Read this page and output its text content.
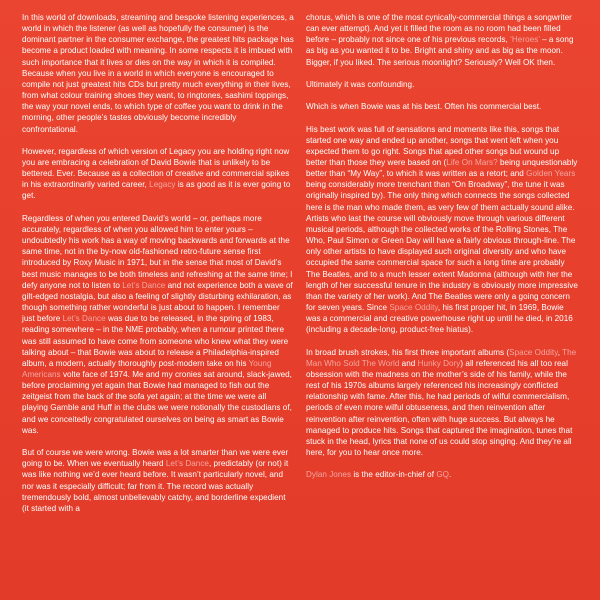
In this world of downloads, streaming and bespoke listening experiences, a world in which the listener (as well as hopefully the consumer) is the dominant partner in the consumer exchange, the greatest hits package has become a product loaded with meaning. In some respects it is imbued with such importance that it lives or dies on the way in which it is compiled. Because when you live in a world in which everyone is encouraged to compile not just greatest hits CDs but pretty much everything in their lives, from what colour training shoes they want, to ringtones, sashimi toppings, the way your novel ends, to which type of coffee you want to drink in the morning, other people’s tastes obviously become incredibly confrontational.

However, regardless of which version of Legacy you are holding right now you are embracing a celebration of David Bowie that is unlikely to be bettered. Ever. Because as a collection of creative and commercial spikes in his extraordinarily varied career, Legacy is as good as it is ever going to get.

Regardless of when you entered David’s world – or, perhaps more accurately, regardless of when you allowed him to enter yours – undoubtedly his work has a way of moving backwards and forwards at the same time, not in the by-now old-fashioned retro-future sense first introduced by Roxy Music in 1971, but in the sense that most of David’s best music manages to be both timeless and refreshing at the same time; I defy anyone not to listen to Let’s Dance and not experience both a wave of gilt-edged nostalgia, but also a feeling of slightly disturbing exhilaration, as though something rather wonderful is just about to happen. I remember just before Let’s Dance was due to be released, in the spring of 1983, reading somewhere – in the NME probably, when a rumour printed there was still assumed to have come from someone who knew what they were talking about – that Bowie was about to release a Philadelphia-inspired album, a modern, actually thoroughly post-modern take on his Young Americans volte face of 1974. Me and my cronies sat around, slack-jawed, before proclaiming yet again that Bowie had managed to fish out the zeitgeist from the back of the sofa yet again; at the time we were all playing Gamble and Huff in the clubs we were notionally the custodians of, and we conceitedly congratulated ourselves on being as smart as Bowie was.

But of course we were wrong. Bowie was a lot smarter than we were ever going to be. When we eventually heard Let’s Dance, predictably (or not) it was like nothing we’d ever heard before. It wasn’t particularly novel, and nor was it especially difficult; far from it. The record was actually tremendously bold, almost unbelievably catchy, and borderline expedient (it started with a

chorus, which is one of the most cynically-commercial things a songwriter can ever attempt). And yet it filled the room as no room had been filled before – probably not since one of his previous records, ‘Heroes’ – a song as big as you wanted it to be. Bright and shiny and as big as the moon. Bigger, if you liked. The serious moonlight? Seriously? Well OK then.

Ultimately it was confounding.

Which is when Bowie was at his best. Often his commercial best.

His best work was full of sensations and moments like this, songs that started one way and ended up another, songs that went left when you expected them to go right. Songs that aped other songs but wound up better than those they were based on (Life On Mars? being unquestionably better than “My Way”, to which it was written as a retort; and Golden Years being considerably more trenchant than “On Broadway”, the tune it was originally inspired by). The only thing which connects the songs collected here is the man who made them, as very few of them actually sound alike. Artists who last the course will obviously move through various different musical periods, although the collected works of the Rolling Stones, The Who, Paul Simon or Green Day will have a fairly obvious through-line. The only other artists to have displayed such original diversity and who have occupied the same commercial space for such a long time are probably The Beatles, and to a much lesser extent Madonna (although with her the length of her successful tenure in the industry is obviously more impressive than the variety of her work). And The Beatles were only a going concern for seven years. Since Space Oddity, his first proper hit, in 1969, Bowie was a commercial and creative powerhouse right up until he died, in 2016 (including a decade-long, product-free hiatus).

In broad brush strokes, his first three important albums (Space Oddity, The Man Who Sold The World and Hunky Dory) all referenced his all too real obsession with the madness on the mother’s side of his family, while the rest of his 1970s albums largely referenced his increasingly conflicted relationship with fame. After this, he had periods of wilful commercialism, periods of even more wilful obtuseness, and then reinvention after reinvention after reinvention, often with huge success. But always he managed to produce hits. Songs that captured the imagination, tunes that stuck in the head, lyrics that none of us could stop singing. And they’re all here, for you to hear once more.

Dylan Jones is the editor-in-chief of GQ.
